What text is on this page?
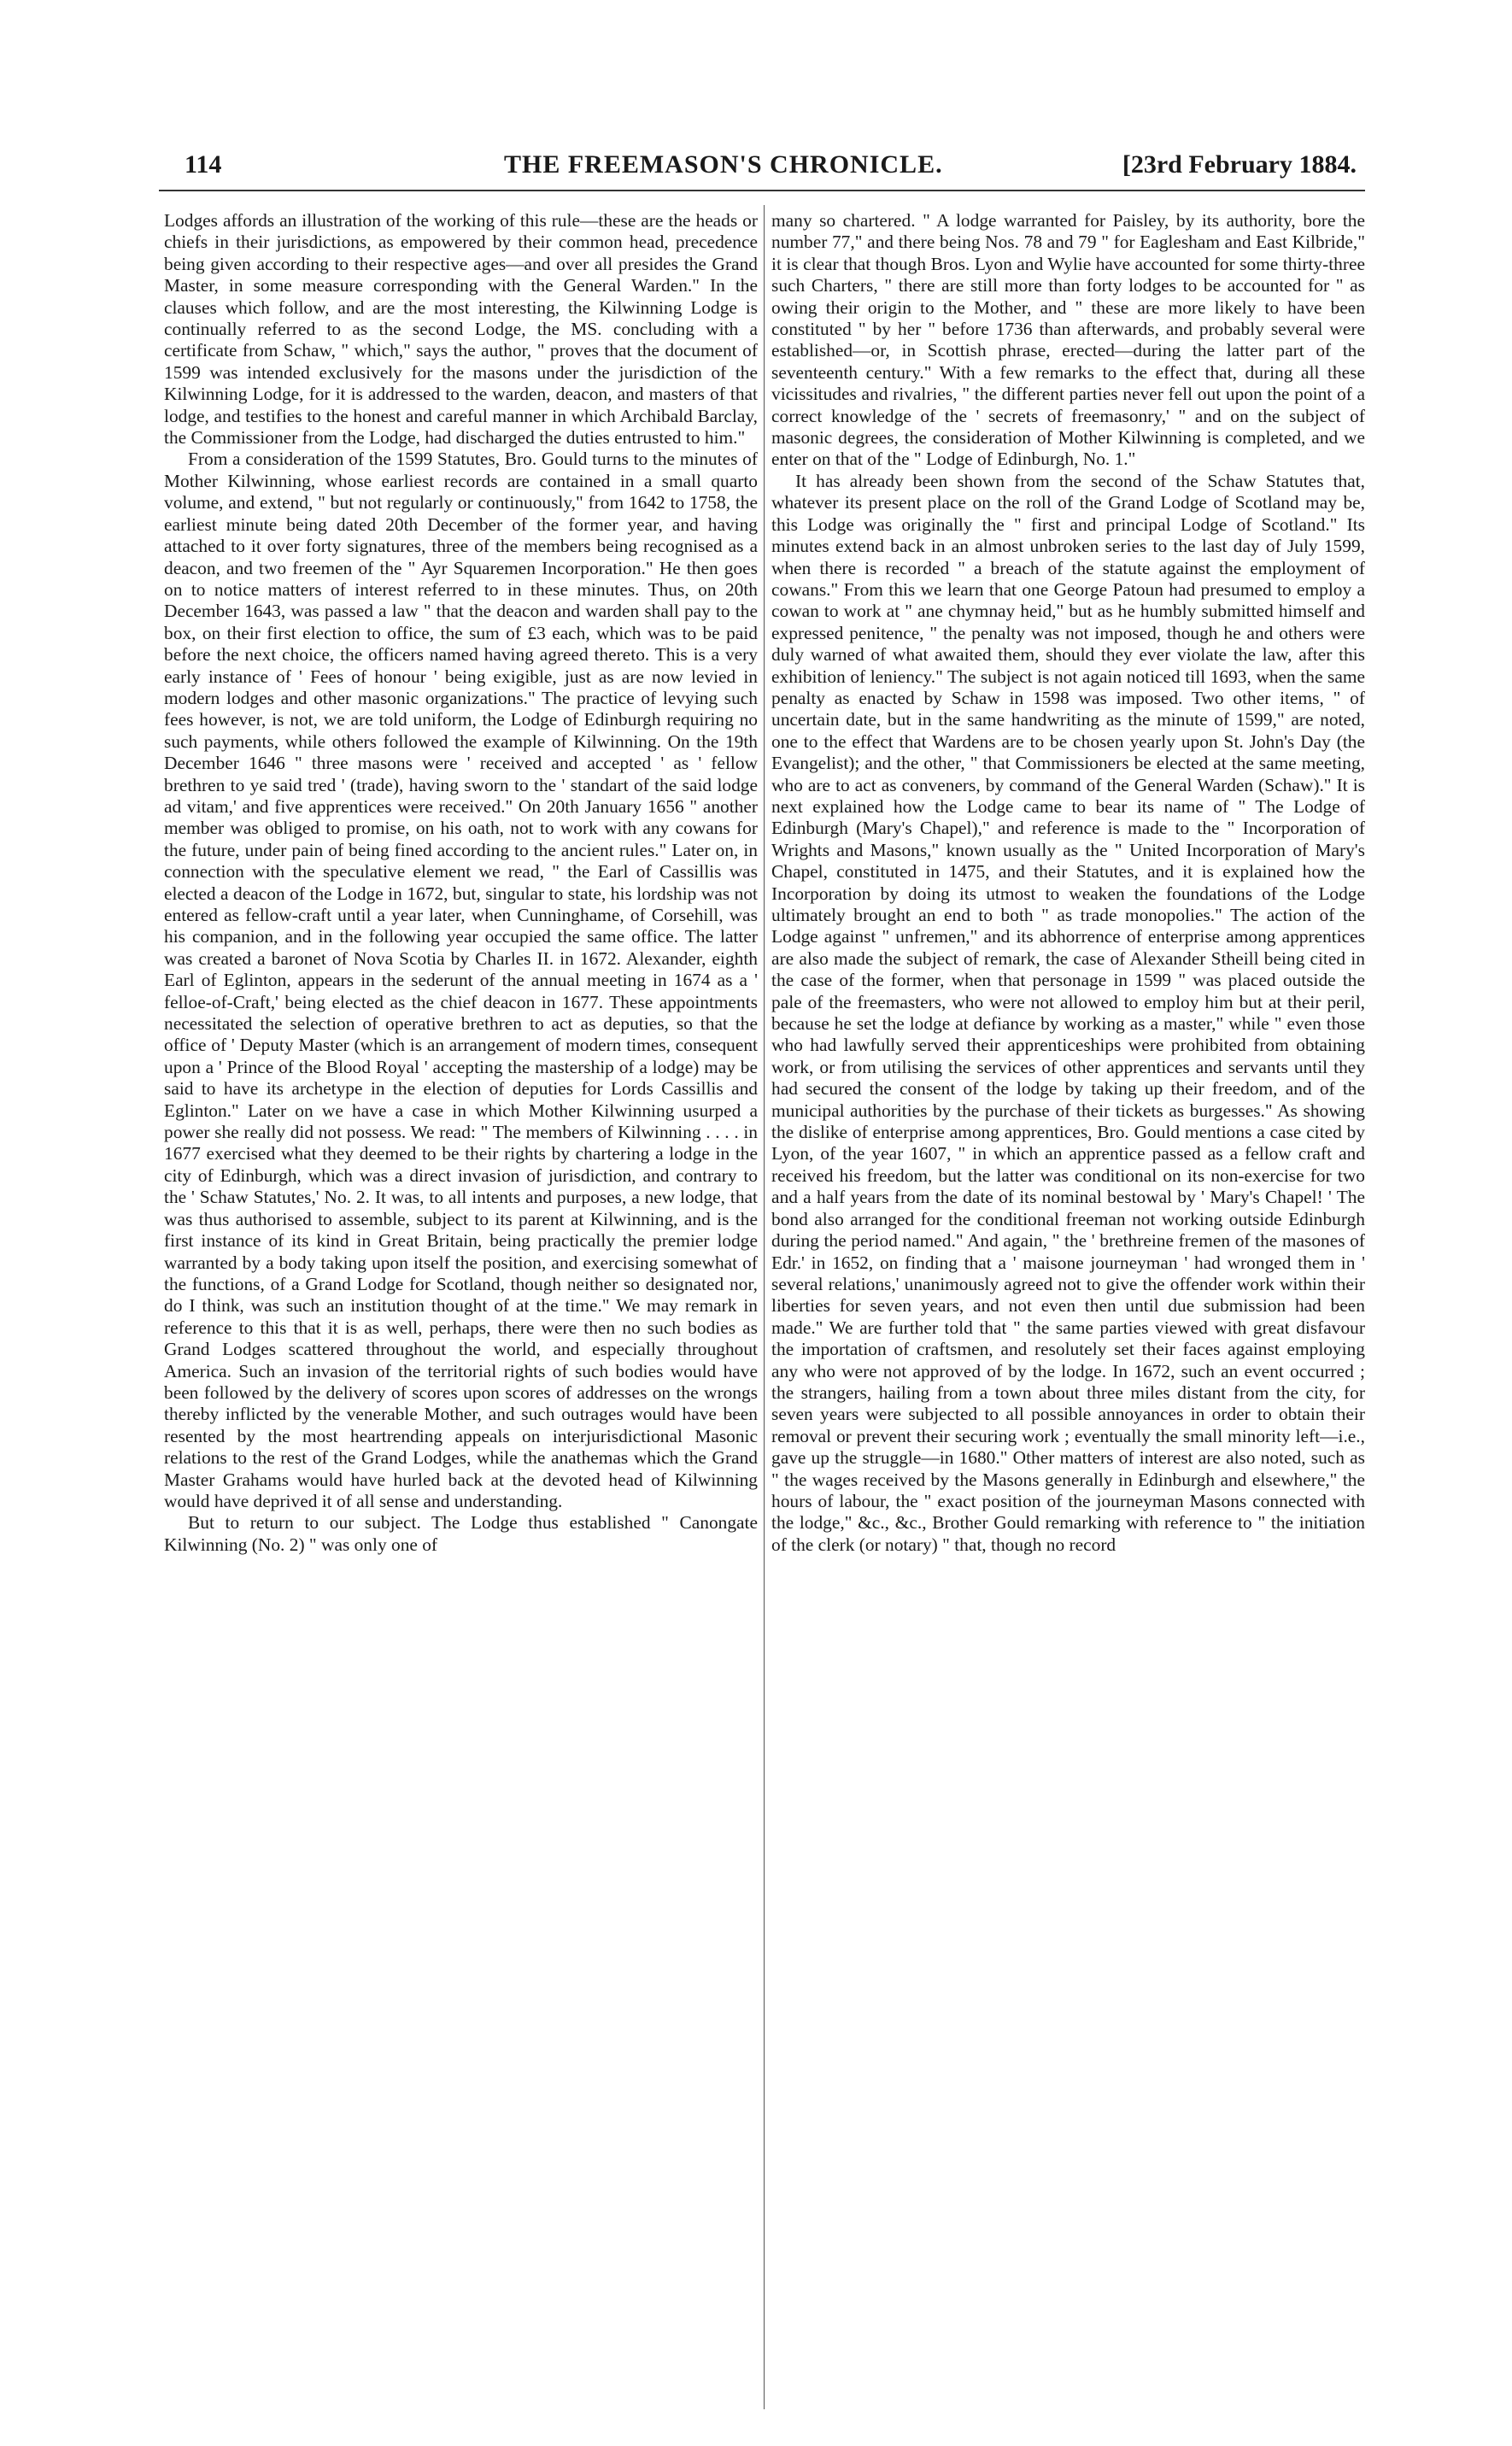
114	THE FREEMASON'S CHRONICLE.	[23rd February 1884.

Lodges affords an illustration of the working of this rule—these are the heads or chiefs in their jurisdictions, as empowered by their common head, precedence being given according to their respective ages—and over all presides the Grand Master, in some measure corresponding with the General Warden." In the clauses which follow, and are the most interesting, the Kilwinning Lodge is continually referred to as the second Lodge, the MS. concluding with a certificate from Schaw, " which," says the author, " proves that the document of 1599 was intended exclusively for the masons under the jurisdiction of the Kilwinning Lodge, for it is addressed to the warden, deacon, and masters of that lodge, and testifies to the honest and careful manner in which Archibald Barclay, the Commissioner from the Lodge, had discharged the duties entrusted to him."

From a consideration of the 1599 Statutes, Bro. Gould turns to the minutes of Mother Kilwinning, whose earliest records are contained in a small quarto volume, and extend, " but not regularly or continuously," from 1642 to 1758, the earliest minute being dated 20th December of the former year, and having attached to it over forty signatures, three of the members being recognised as a deacon, and two freemen of the " Ayr Squaremen Incorporation." He then goes on to notice matters of interest referred to in these minutes. Thus, on 20th December 1643, was passed a law " that the deacon and warden shall pay to the box, on their first election to office, the sum of £3 each, which was to be paid before the next choice, the officers named having agreed thereto. This is a very early instance of ' Fees of honour ' being exigible, just as are now levied in modern lodges and other masonic organizations." The practice of levying such fees however, is not, we are told uniform, the Lodge of Edinburgh requiring no such payments, while others followed the example of Kilwinning. On the 19th December 1646 " three masons were ' received and accepted ' as ' fellow brethren to ye said tred ' (trade), having sworn to the ' standart of the said lodge ad vitam,' and five apprentices were received." On 20th January 1656 " another member was obliged to promise, on his oath, not to work with any cowans for the future, under pain of being fined according to the ancient rules." Later on, in connection with the speculative element we read, " the Earl of Cassillis was elected a deacon of the Lodge in 1672, but, singular to state, his lordship was not entered as fellow-craft until a year later, when Cunninghame, of Corsehill, was his companion, and in the following year occupied the same office. The latter was created a baronet of Nova Scotia by Charles II. in 1672. Alexander, eighth Earl of Eglinton, appears in the sederunt of the annual meeting in 1674 as a ' felloe-of-Craft,' being elected as the chief deacon in 1677. These appointments necessitated the selection of operative brethren to act as deputies, so that the office of ' Deputy Master (which is an arrangement of modern times, consequent upon a ' Prince of the Blood Royal ' accepting the mastership of a lodge) may be said to have its archetype in the election of deputies for Lords Cassillis and Eglinton." Later on we have a case in which Mother Kilwinning usurped a power she really did not possess. We read: " The members of Kilwinning . . . . in 1677 exercised what they deemed to be their rights by chartering a lodge in the city of Edinburgh, which was a direct invasion of jurisdiction, and contrary to the ' Schaw Statutes,' No. 2. It was, to all intents and purposes, a new lodge, that was thus authorised to assemble, subject to its parent at Kilwinning, and is the first instance of its kind in Great Britain, being practically the premier lodge warranted by a body taking upon itself the position, and exercising somewhat of the functions, of a Grand Lodge for Scotland, though neither so designated nor, do I think, was such an institution thought of at the time." We may remark in reference to this that it is as well, perhaps, there were then no such bodies as Grand Lodges scattered throughout the world, and especially throughout America. Such an invasion of the territorial rights of such bodies would have been followed by the delivery of scores upon scores of addresses on the wrongs thereby inflicted by the venerable Mother, and such outrages would have been resented by the most heartrending appeals on interjurisdictional Masonic relations to the rest of the Grand Lodges, while the anathemas which the Grand Master Grahams would have hurled back at the devoted head of Kilwinning would have deprived it of all sense and understanding.

But to return to our subject. The Lodge thus established " Canongate Kilwinning (No. 2) " was only one of

many so chartered. " A lodge warranted for Paisley, by its authority, bore the number 77," and there being Nos. 78 and 79 " for Eaglesham and East Kilbride," it is clear that though Bros. Lyon and Wylie have accounted for some thirty-three such Charters, " there are still more than forty lodges to be accounted for " as owing their origin to the Mother, and " these are more likely to have been constituted " by her " before 1736 than afterwards, and probably several were established—or, in Scottish phrase, erected—during the latter part of the seventeenth century." With a few remarks to the effect that, during all these vicissitudes and rivalries, " the different parties never fell out upon the point of a correct knowledge of the ' secrets of freemasonry,' " and on the subject of masonic degrees, the consideration of Mother Kilwinning is completed, and we enter on that of the " Lodge of Edinburgh, No. 1."

It has already been shown from the second of the Schaw Statutes that, whatever its present place on the roll of the Grand Lodge of Scotland may be, this Lodge was originally the " first and principal Lodge of Scotland." Its minutes extend back in an almost unbroken series to the last day of July 1599, when there is recorded " a breach of the statute against the employment of cowans." From this we learn that one George Patoun had presumed to employ a cowan to work at " ane chymnay heid," but as he humbly submitted himself and expressed penitence, " the penalty was not imposed, though he and others were duly warned of what awaited them, should they ever violate the law, after this exhibition of leniency." The subject is not again noticed till 1693, when the same penalty as enacted by Schaw in 1598 was imposed. Two other items, " of uncertain date, but in the same handwriting as the minute of 1599," are noted, one to the effect that Wardens are to be chosen yearly upon St. John's Day (the Evangelist); and the other, " that Commissioners be elected at the same meeting, who are to act as conveners, by command of the General Warden (Schaw)." It is next explained how the Lodge came to bear its name of " The Lodge of Edinburgh (Mary's Chapel)," and reference is made to the " Incorporation of Wrights and Masons," known usually as the " United Incorporation of Mary's Chapel, constituted in 1475, and their Statutes, and it is explained how the Incorporation by doing its utmost to weaken the foundations of the Lodge ultimately brought an end to both " as trade monopolies." The action of the Lodge against " unfremen," and its abhorrence of enterprise among apprentices are also made the subject of remark, the case of Alexander Stheill being cited in the case of the former, when that personage in 1599 " was placed outside the pale of the freemasters, who were not allowed to employ him but at their peril, because he set the lodge at defiance by working as a master," while " even those who had lawfully served their apprenticeships were prohibited from obtaining work, or from utilising the services of other apprentices and servants until they had secured the consent of the lodge by taking up their freedom, and of the municipal authorities by the purchase of their tickets as burgesses." As showing the dislike of enterprise among apprentices, Bro. Gould mentions a case cited by Lyon, of the year 1607, " in which an apprentice passed as a fellow craft and received his freedom, but the latter was conditional on its non-exercise for two and a half years from the date of its nominal bestowal by ' Mary's Chapel! ' The bond also arranged for the conditional freeman not working outside Edinburgh during the period named." And again, " the ' brethreine fremen of the masones of Edr.' in 1652, on finding that a ' maisone journeyman ' had wronged them in ' several relations,' unanimously agreed not to give the offender work within their liberties for seven years, and not even then until due submission had been made." We are further told that " the same parties viewed with great disfavour the importation of craftsmen, and resolutely set their faces against employing any who were not approved of by the lodge. In 1672, such an event occurred ; the strangers, hailing from a town about three miles distant from the city, for seven years were subjected to all possible annoyances in order to obtain their removal or prevent their securing work ; eventually the small minority left—i.e., gave up the struggle—in 1680." Other matters of interest are also noted, such as " the wages received by the Masons generally in Edinburgh and elsewhere," the hours of labour, the " exact position of the journeyman Masons connected with the lodge," &c., &c., Brother Gould remarking with reference to " the initiation of the clerk (or notary) " that, though no record
